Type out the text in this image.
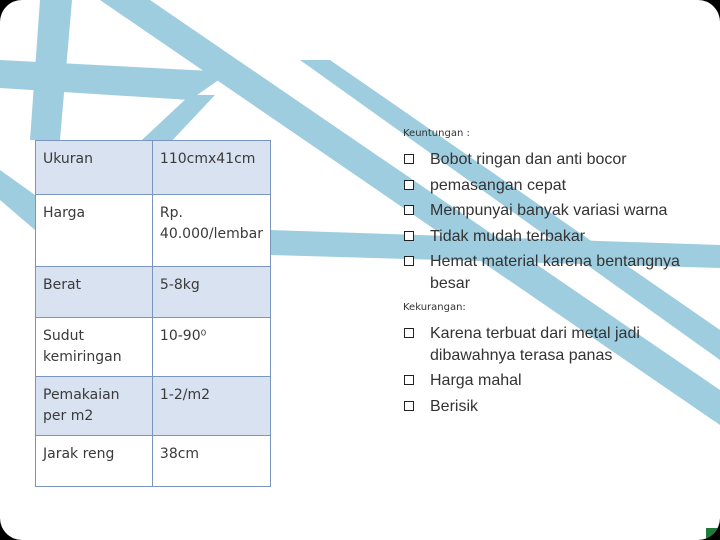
Ukuran	110cmx41cm
Harga	Rp. 40.000/lembar
Berat	5-8kg
Sudut kemiringan	10-90⁰
Pemakaian per m2	1-2/m2
Jarak reng	38cm
Keuntungan :
Bobot ringan dan anti bocor
pemasangan cepat
Mempunyai banyak variasi warna
Tidak mudah terbakar
Hemat material karena bentangnya besar
Kekurangan:
Karena terbuat dari metal jadi dibawahnya terasa panas
Harga mahal
Berisik
